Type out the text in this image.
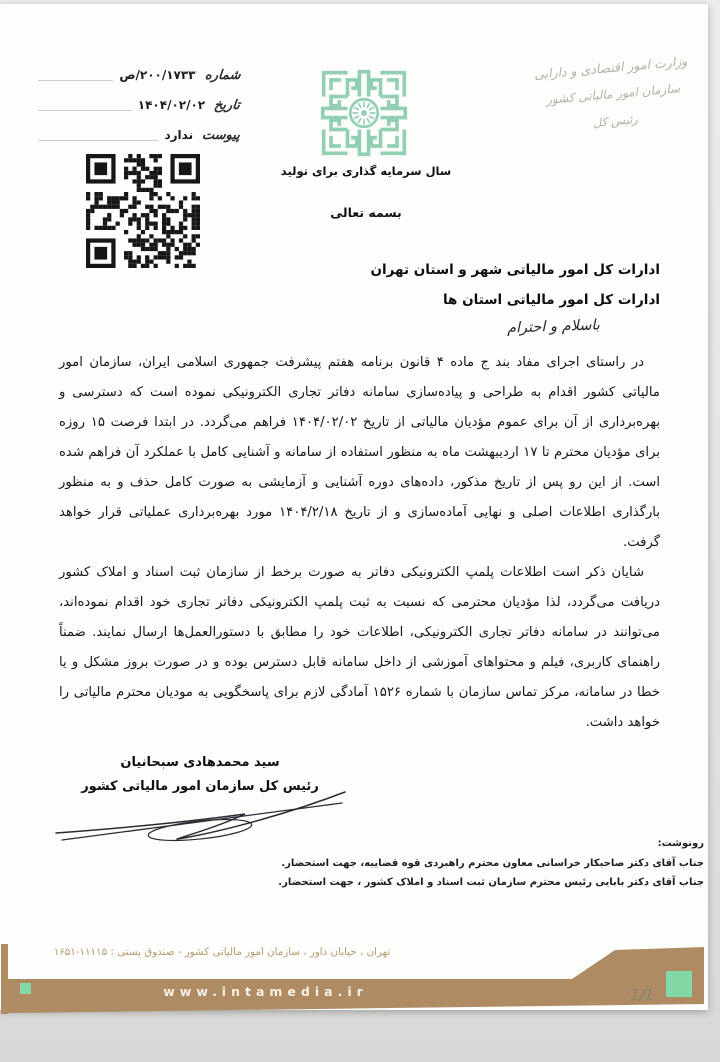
شماره
۲۰۰/۱۷۳۳/ص
تاریخ
۱۴۰۴/۰۲/۰۲
پیوست
ندارد
وزارت امور اقتصادی و دارایی
سازمان امور مالیاتی کشور
رئیس کل
سال سرمایه گذاری برای تولید
بسمه تعالی
ادارات کل امور مالیاتی شهر و استان تهران
ادارات کل امور مالیاتی استان ها
باسلام و احترام

در راستای اجرای مفاد بند ج ماده ۴ قانون برنامه هفتم پیشرفت جمهوری اسلامی ایران، سازمان امور مالیاتی کشور اقدام به طراحی و پیاده‌سازی سامانه دفاتر تجاری الکترونیکی نموده است که دسترسی و بهره‌برداری از آن برای عموم مؤدیان مالیاتی از تاریخ ۱۴۰۴/۰۲/۰۲ فراهم می‌گردد. در ابتدا فرصت ۱۵ روزه برای مؤدیان محترم تا ۱۷ اردیبهشت ماه به منظور استفاده از سامانه و آشنایی کامل با عملکرد آن فراهم شده است. از این رو پس از تاریخ مذکور، داده‌های دوره آشنایی و آزمایشی به صورت کامل حذف و به منظور بارگذاری اطلاعات اصلی و نهایی آماده‌سازی و از تاریخ ۱۴۰۴/۲/۱۸ مورد بهره‌برداری عملیاتی قرار خواهد گرفت.

شایان ذکر است اطلاعات پلمپ الکترونیکی دفاتر به صورت برخط از سازمان ثبت اسناد و املاک کشور دریافت می‌گردد، لذا مؤدیان محترمی که نسبت به ثبت پلمپ الکترونیکی دفاتر تجاری خود اقدام نموده‌اند، می‌توانند در سامانه دفاتر تجاری الکترونیکی، اطلاعات خود را مطابق با دستورالعمل‌ها ارسال نمایند. ضمناً راهنمای کاربری، فیلم و محتواهای آموزشی از داخل سامانه قابل دسترس بوده و در صورت بروز مشکل و یا خطا در سامانه، مرکز تماس سازمان با شماره ۱۵۲۶ آمادگی لازم برای پاسخگویی به مودیان محترم مالیاتی را خواهد داشت.

سید محمدهادی سبحانیان
رئیس کل سازمان امور مالیاتی کشور
رونوشت:
جناب آقای دکتر صاحبکار خراسانی معاون محترم راهبردی قوه قضاییه، جهت استحضار.
جناب آقای دکتر بابایی رئیس محترم سازمان ثبت اسناد و املاک کشور ، جهت استحضار.
تهران ، خیابان داور ، سازمان امور مالیاتی کشور - صندوق پستی : ۱۱۱۱۵-۱۶۵۱
www.intamedia.ir	1/1
